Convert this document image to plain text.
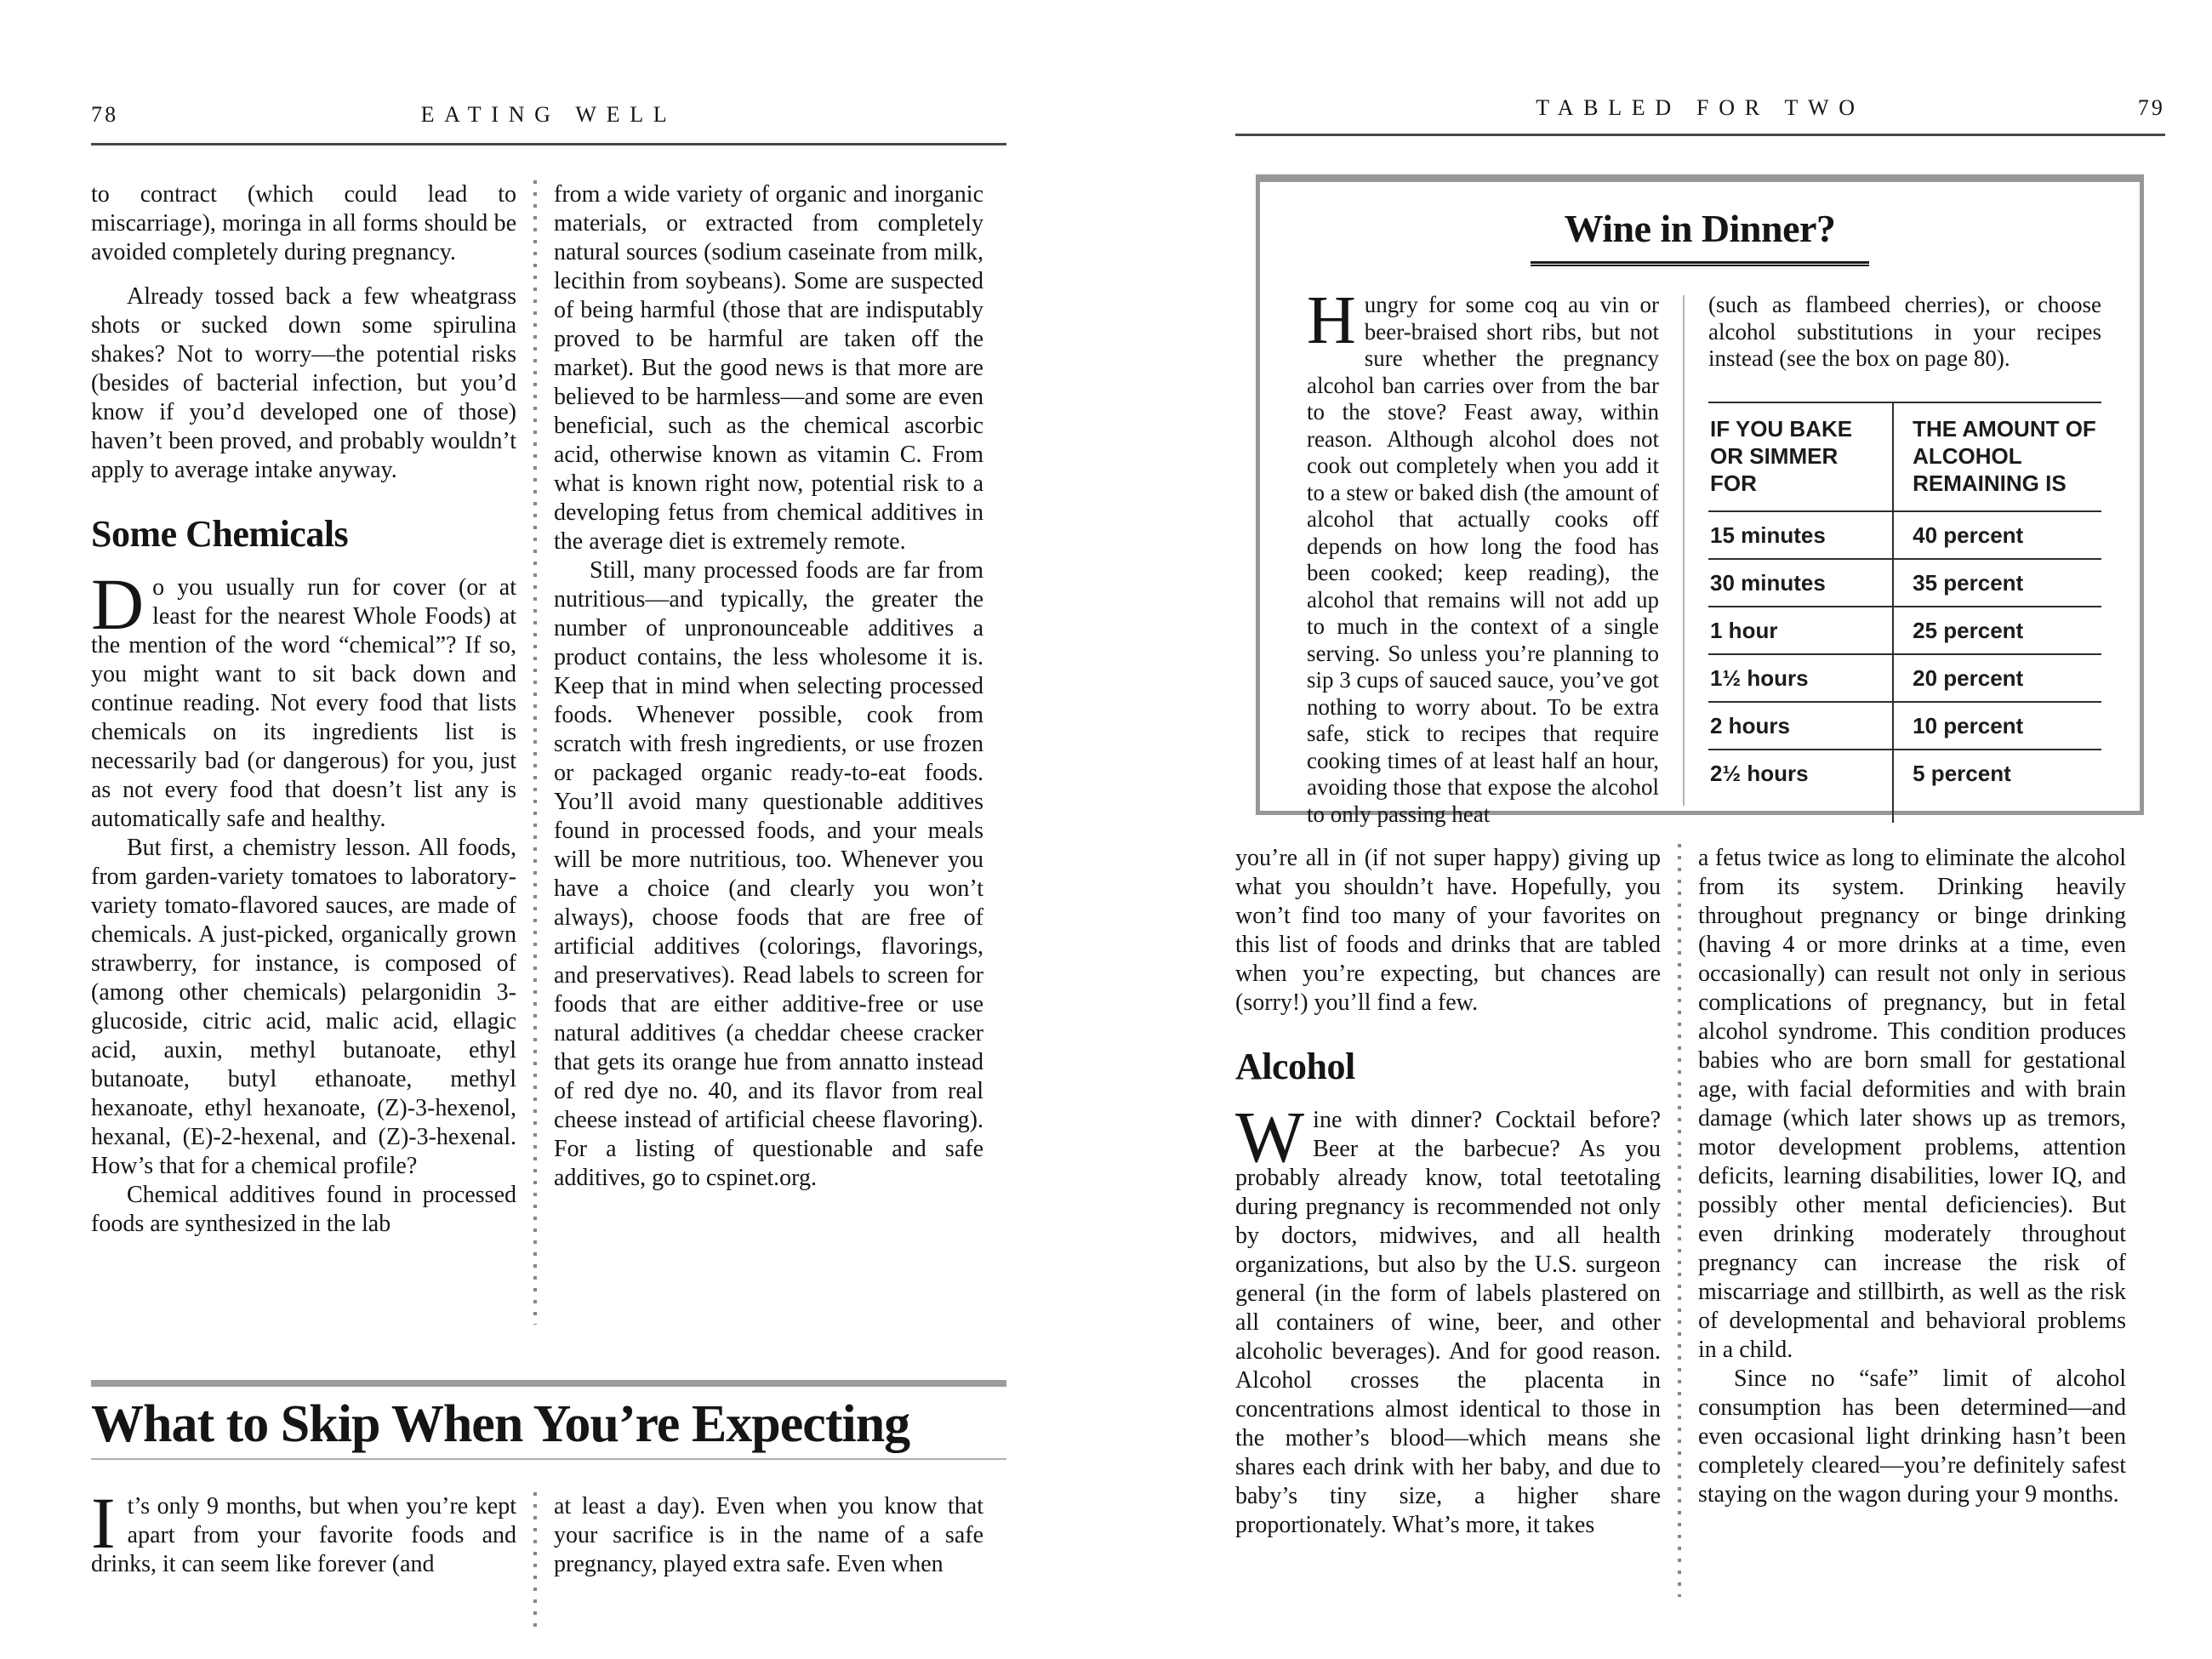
78	EATING WELL

to contract (which could lead to miscarriage), moringa in all forms should be avoided completely during pregnancy.

Already tossed back a few wheatgrass shots or sucked down some spirulina shakes? Not to worry—the potential risks (besides of bacterial infection, but you’d know if you’d developed one of those) haven’t been proved, and probably wouldn’t apply to average intake anyway.

Some Chemicals

Do you usually run for cover (or at least for the nearest Whole Foods) at the mention of the word “chemical”? If so, you might want to sit back down and continue reading. Not every food that lists chemicals on its ingredients list is necessarily bad (or dangerous) for you, just as not every food that doesn’t list any is automatically safe and healthy.

But first, a chemistry lesson. All foods, from garden-variety tomatoes to laboratory-variety tomato-flavored sauces, are made of chemicals. A just-picked, organically grown strawberry, for instance, is composed of (among other chemicals) pelargonidin 3-glucoside, citric acid, malic acid, ellagic acid, auxin, methyl butanoate, ethyl butanoate, butyl ethanoate, methyl hexanoate, ethyl hexanoate, (Z)-3-hexenol, hexanal, (E)-2-hexenal, and (Z)-3-hexenal. How’s that for a chemical profile?

Chemical additives found in processed foods are synthesized in the lab

from a wide variety of organic and inorganic materials, or extracted from completely natural sources (sodium caseinate from milk, lecithin from soybeans). Some are suspected of being harmful (those that are indisputably proved to be harmful are taken off the market). But the good news is that more are believed to be harmless—and some are even beneficial, such as the chemical ascorbic acid, otherwise known as vitamin C. From what is known right now, potential risk to a developing fetus from chemical additives in the average diet is extremely remote.

Still, many processed foods are far from nutritious—and typically, the greater the number of unpronounceable additives a product contains, the less wholesome it is. Keep that in mind when selecting processed foods. Whenever possible, cook from scratch with fresh ingredients, or use frozen or packaged organic ready-to-eat foods. You’ll avoid many questionable additives found in processed foods, and your meals will be more nutritious, too. Whenever you have a choice (and clearly you won’t always), choose foods that are free of artificial additives (colorings, flavorings, and preservatives). Read labels to screen for foods that are either additive-free or use natural additives (a cheddar cheese cracker that gets its orange hue from annatto instead of red dye no. 40, and its flavor from real cheese instead of artificial cheese flavoring). For a listing of questionable and safe additives, go to cspinet.org.

What to Skip When You’re Expecting

It’s only 9 months, but when you’re kept apart from your favorite foods and drinks, it can seem like forever (and

at least a day). Even when you know that your sacrifice is in the name of a safe pregnancy, played extra safe. Even when

TABLED FOR TWO	79
Wine in Dinner?

Hungry for some coq au vin or beer-braised short ribs, but not sure whether the pregnancy alcohol ban carries over from the bar to the stove? Feast away, within reason. Although alcohol does not cook out completely when you add it to a stew or baked dish (the amount of alcohol that actually cooks off depends on how long the food has been cooked; keep reading), the alcohol that remains will not add up to much in the context of a single serving. So unless you’re planning to sip 3 cups of sauced sauce, you’ve got nothing to worry about. To be extra safe, stick to recipes that require cooking times of at least half an hour, avoiding those that expose the alcohol to only passing heat

(such as flambeed cherries), or choose alcohol substitutions in your recipes instead (see the box on page 80).

IF YOU BAKE OR SIMMER FOR	THE AMOUNT OF ALCOHOL REMAINING IS
15 minutes	40 percent
30 minutes	35 percent
1 hour	25 percent
1½ hours	20 percent
2 hours	10 percent
2½ hours	5 percent

you’re all in (if not super happy) giving up what you shouldn’t have. Hopefully, you won’t find too many of your favorites on this list of foods and drinks that are tabled when you’re expecting, but chances are (sorry!) you’ll find a few.

Alcohol

Wine with dinner? Cocktail before? Beer at the barbecue? As you probably already know, total teetotaling during pregnancy is recommended not only by doctors, midwives, and all health organizations, but also by the U.S. surgeon general (in the form of labels plastered on all containers of wine, beer, and other alcoholic beverages). And for good reason. Alcohol crosses the placenta in concentrations almost identical to those in the mother’s blood—which means she shares each drink with her baby, and due to baby’s tiny size, a higher share proportionately. What’s more, it takes

a fetus twice as long to eliminate the alcohol from its system. Drinking heavily throughout pregnancy or binge drinking (having 4 or more drinks at a time, even occasionally) can result not only in serious complications of pregnancy, but in fetal alcohol syndrome. This condition produces babies who are born small for gestational age, with facial deformities and with brain damage (which later shows up as tremors, motor development problems, attention deficits, learning disabilities, lower IQ, and possibly other mental deficiencies). But even drinking moderately throughout pregnancy can increase the risk of miscarriage and stillbirth, as well as the risk of developmental and behavioral problems in a child.

Since no “safe” limit of alcohol consumption has been determined—and even occasional light drinking hasn’t been completely cleared—you’re definitely safest staying on the wagon during your 9 months.
